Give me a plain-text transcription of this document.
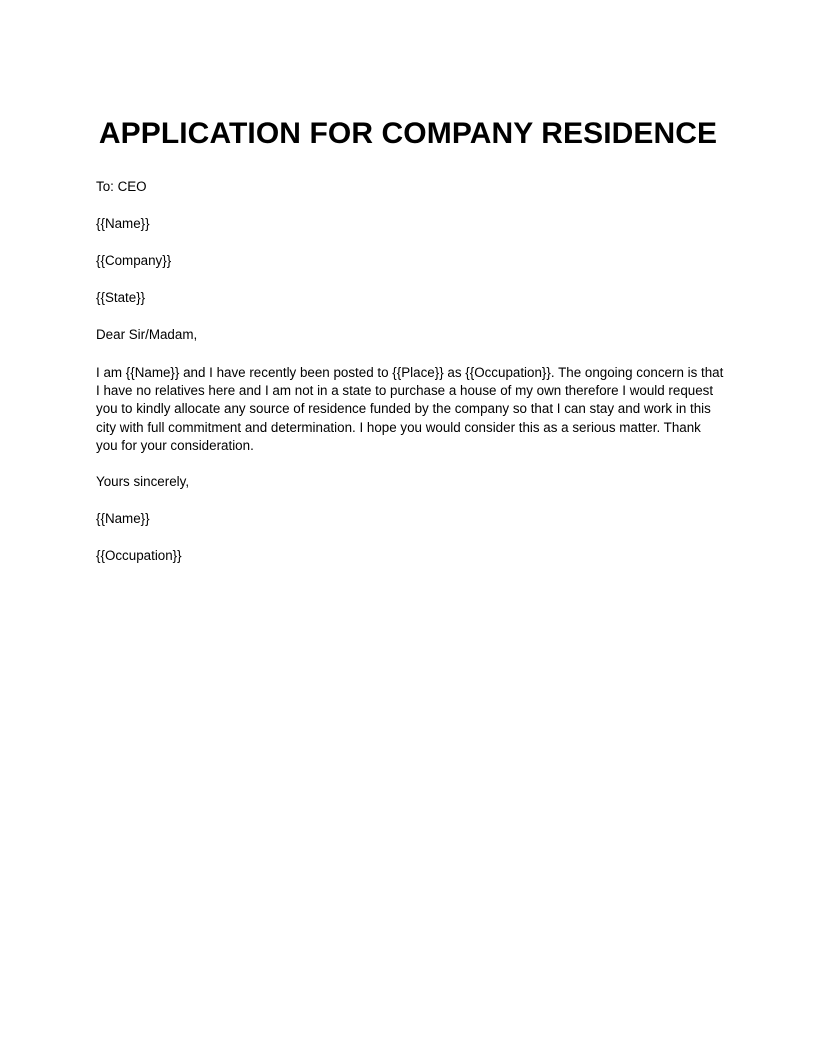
APPLICATION FOR COMPANY RESIDENCE

To: CEO

{{Name}}

{{Company}}

{{State}}

Dear Sir/Madam,

I am {{Name}} and I have recently been posted to {{Place}} as {{Occupation}}. The ongoing concern is that
I have no relatives here and I am not in a state to purchase a house of my own therefore I would request
you to kindly allocate any source of residence funded by the company so that I can stay and work in this
city with full commitment and determination. I hope you would consider this as a serious matter. Thank
you for your consideration.

Yours sincerely,

{{Name}}

{{Occupation}}
